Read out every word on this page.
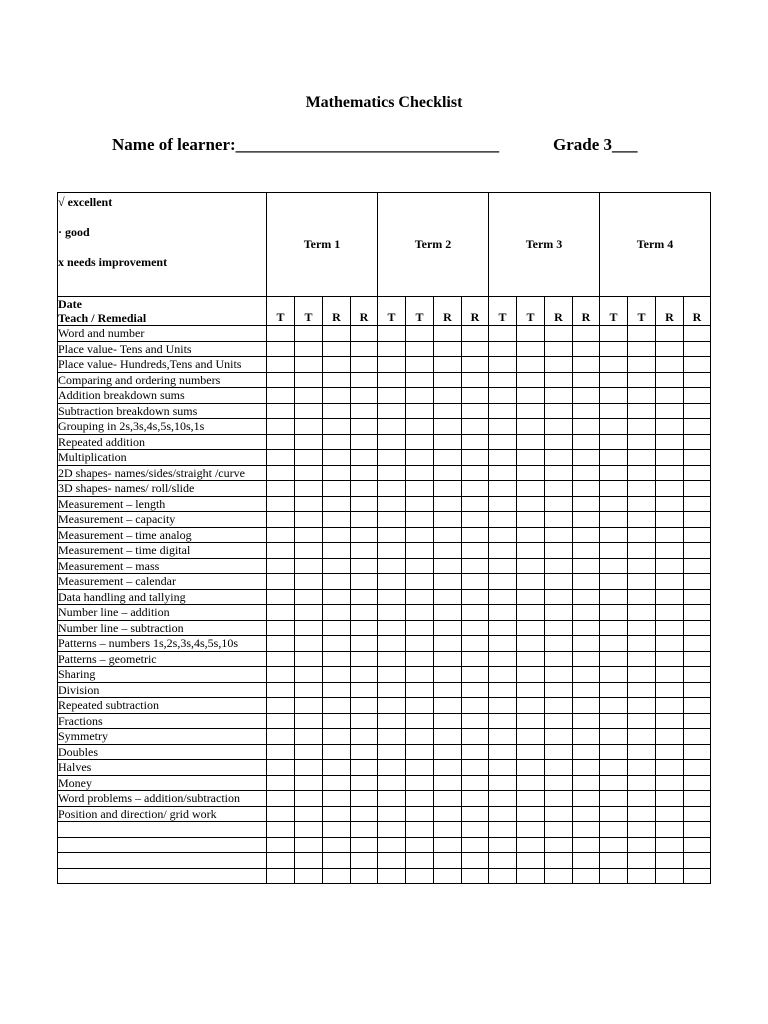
Mathematics Checklist
Name of learner:_______________________________	Grade 3___
√ excellent
· good
x needs improvement	Term 1				Term 2				Term 3				Term 4			

Date
Teach / Remedial	T	T	R	R	T	T	R	R	T	T	R	R	T	T	R	R
Word and number																
Place value- Tens and Units																
Place value- Hundreds,Tens and Units																
Comparing and ordering numbers																
Addition breakdown sums																
Subtraction breakdown sums																
Grouping in 2s,3s,4s,5s,10s,1s																
Repeated addition																
Multiplication																
2D shapes- names/sides/straight /curve																
3D shapes- names/ roll/slide																
Measurement – length																
Measurement – capacity																
Measurement – time analog																
Measurement – time digital																
Measurement – mass																
Measurement – calendar																
Data handling and tallying																
Number line – addition																
Number line – subtraction																
Patterns – numbers 1s,2s,3s,4s,5s,10s																
Patterns – geometric																
Sharing																
Division																
Repeated subtraction																
Fractions																
Symmetry																
Doubles																
Halves																
Money																
Word problems – addition/subtraction																
Position and direction/ grid work																
